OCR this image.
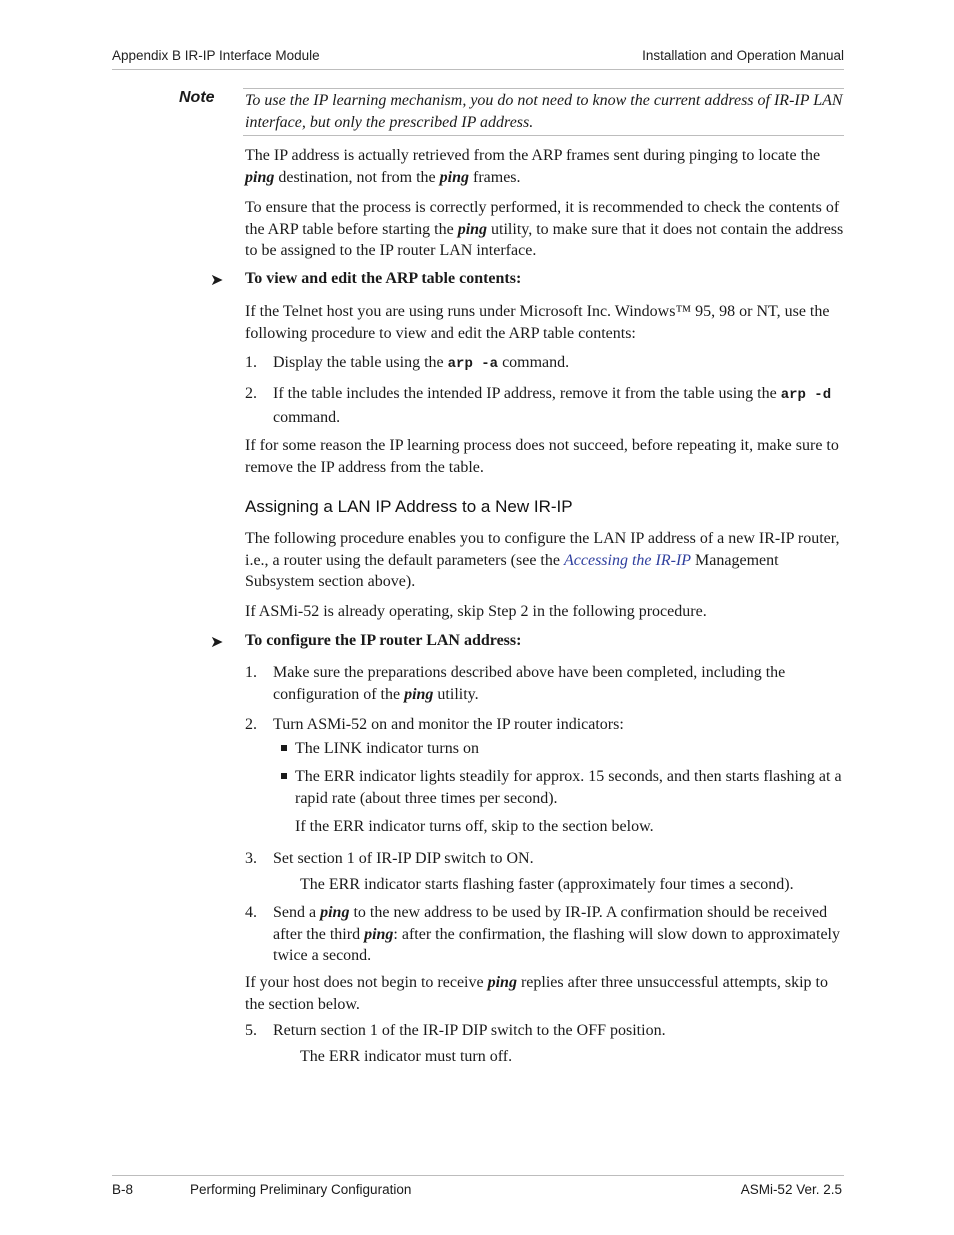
Appendix B IR-IP Interface Module	Installation and Operation Manual
Note To use the IP learning mechanism, you do not need to know the current address of IR-IP LAN interface, but only the prescribed IP address.
The IP address is actually retrieved from the ARP frames sent during pinging to locate the ping destination, not from the ping frames.
To ensure that the process is correctly performed, it is recommended to check the contents of the ARP table before starting the ping utility, to make sure that it does not contain the address to be assigned to the IP router LAN interface.
➤ To view and edit the ARP table contents:
If the Telnet host you are using runs under Microsoft Inc. Windows™ 95, 98 or NT, use the following procedure to view and edit the ARP table contents:
1.	Display the table using the arp -a command.
2.	If the table includes the intended IP address, remove it from the table using the arp -d command.
If for some reason the IP learning process does not succeed, before repeating it, make sure to remove the IP address from the table.
Assigning a LAN IP Address to a New IR-IP
The following procedure enables you to configure the LAN IP address of a new IR-IP router, i.e., a router using the default parameters (see the Accessing the IR-IP Management Subsystem section above).
If ASMi-52 is already operating, skip Step 2 in the following procedure.
➤ To configure the IP router LAN address:
1.	Make sure the preparations described above have been completed, including the configuration of the ping utility.
2.	Turn ASMi-52 on and monitor the IP router indicators:
The LINK indicator turns on
The ERR indicator lights steadily for approx. 15 seconds, and then starts flashing at a rapid rate (about three times per second).
If the ERR indicator turns off, skip to the section below.
3.	Set section 1 of IR-IP DIP switch to ON.
The ERR indicator starts flashing faster (approximately four times a second).
4.	Send a ping to the new address to be used by IR-IP. A confirmation should be received after the third ping: after the confirmation, the flashing will slow down to approximately twice a second.
If your host does not begin to receive ping replies after three unsuccessful attempts, skip to the section below.
5.	Return section 1 of the IR-IP DIP switch to the OFF position.
The ERR indicator must turn off.
B-8	Performing Preliminary Configuration	ASMi-52 Ver. 2.5
